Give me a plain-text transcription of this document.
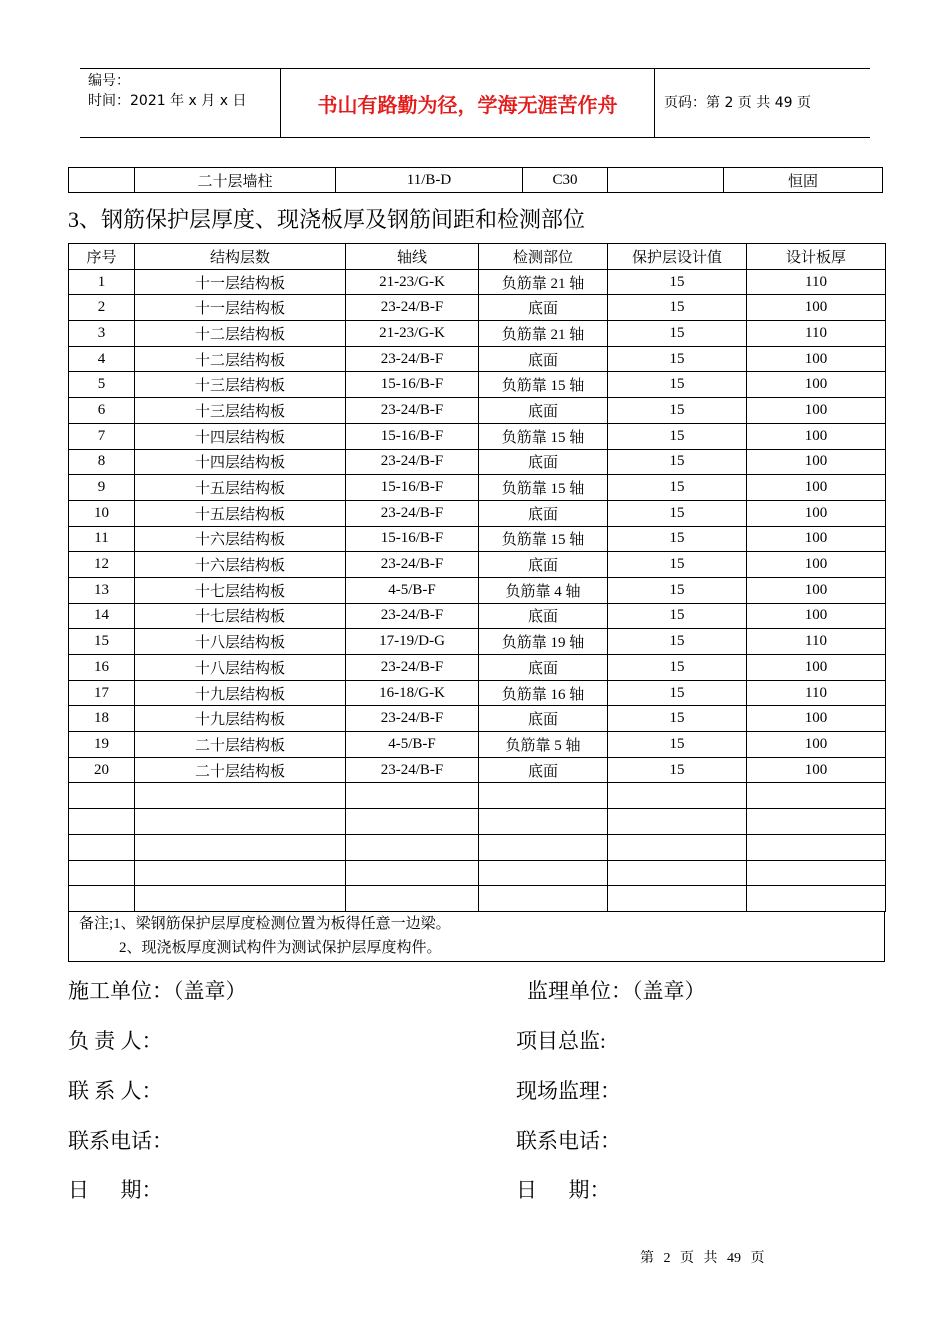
编号：
时间：2021 年 x 月 x 日	书山有路勤为径，学海无涯苦作舟	页码：第 2 页 共 49 页
	二十层墙柱	11/B-D	C30		恒固
3、钢筋保护层厚度、现浇板厚及钢筋间距和检测部位
序号	结构层数	轴线	检测部位	保护层设计值	设计板厚
1	十一层结构板	21-23/G-K	负筋靠 21 轴	15	110
2	十一层结构板	23-24/B-F	底面	15	100
3	十二层结构板	21-23/G-K	负筋靠 21 轴	15	110
4	十二层结构板	23-24/B-F	底面	15	100
5	十三层结构板	15-16/B-F	负筋靠 15 轴	15	100
6	十三层结构板	23-24/B-F	底面	15	100
7	十四层结构板	15-16/B-F	负筋靠 15 轴	15	100
8	十四层结构板	23-24/B-F	底面	15	100
9	十五层结构板	15-16/B-F	负筋靠 15 轴	15	100
10	十五层结构板	23-24/B-F	底面	15	100
11	十六层结构板	15-16/B-F	负筋靠 15 轴	15	100
12	十六层结构板	23-24/B-F	底面	15	100
13	十七层结构板	4-5/B-F	负筋靠 4 轴	15	100
14	十七层结构板	23-24/B-F	底面	15	100
15	十八层结构板	17-19/D-G	负筋靠 19 轴	15	110
16	十八层结构板	23-24/B-F	底面	15	100
17	十九层结构板	16-18/G-K	负筋靠 16 轴	15	110
18	十九层结构板	23-24/B-F	底面	15	100
19	二十层结构板	4-5/B-F	负筋靠 5 轴	15	100
20	二十层结构板	23-24/B-F	底面	15	100

备注;1、梁钢筋保护层厚度检测位置为板得任意一边梁。
2、现浇板厚度测试构件为测试保护层厚度构件。
施工单位：（盖章）
负 责 人：
联 系 人：
联系电话：
日      期：
监理单位：（盖章）
项目总监:
现场监理：
联系电话：
日      期：
第 2 页 共 49 页
